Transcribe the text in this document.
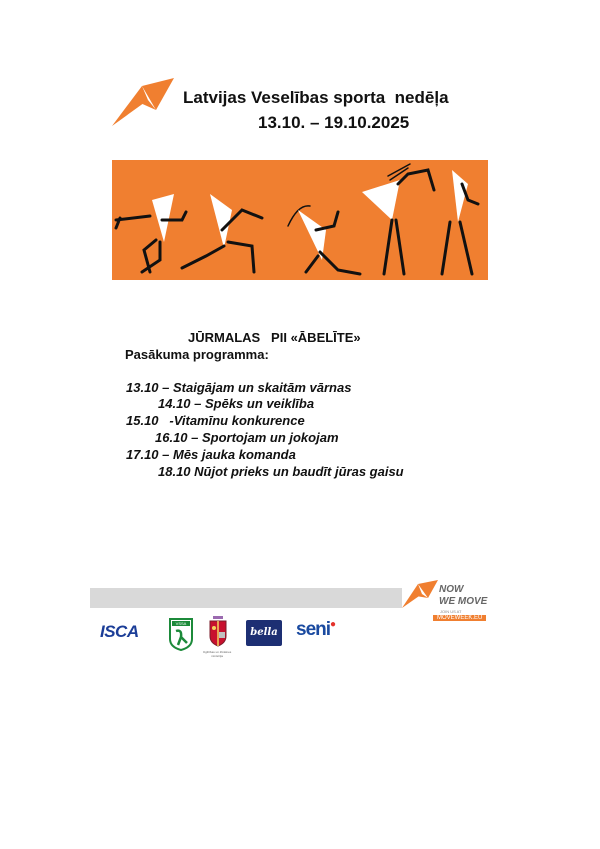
Latvijas Veselības sporta  nedēļa
13.10. – 19.10.2025
JŪRMALAS   PII «ĀBELĪTE»
Pasākuma programma:
13.10 – Staigājam un skaitām vārnas
14.10 – Spēks un veiklība
15.10   -Vitamīnu konkurence
16.10 – Sportojam un jokojam
17.10 – Mēs jauka komanda
18.10 Nūjot prieks un baudīt jūras gaisu
NOW
WE MOVE
JOIN US AT
MOVEWEEK.EU
ISCA	VSSA
Izglītības un Zinātnes ministrija
bella seni●
